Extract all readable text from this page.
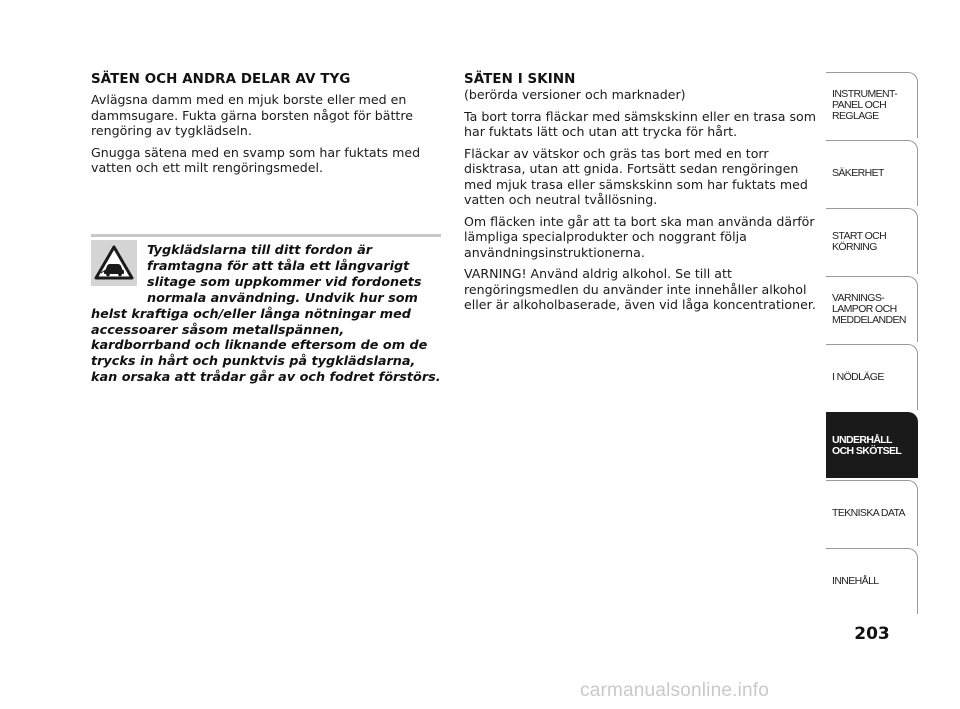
SÄTEN OCH ANDRA DELAR AV TYG

Avlägsna damm med en mjuk borste eller med en dammsugare. Fukta gärna borsten något för bättre rengöring av tygklädseln.

Gnugga sätena med en svamp som har fuktats med vatten och ett milt rengöringsmedel.

Tygklädslarna till ditt fordon är framtagna för att tåla ett långvarigt slitage som uppkommer vid fordonets normala användning. Undvik hur som helst kraftiga och/eller långa nötningar med accessoarer såsom metallspännen, kardborrband och liknande eftersom de om de trycks in hårt och punktvis på tygklädslarna, kan orsaka att trådar går av och fodret förstörs.
SÄTEN I SKINN

(berörda versioner och marknader)

Ta bort torra fläckar med sämskskinn eller en trasa som har fuktats lätt och utan att trycka för hårt.

Fläckar av vätskor och gräs tas bort med en torr disktrasa, utan att gnida. Fortsätt sedan rengöringen med mjuk trasa eller sämskskinn som har fuktats med vatten och neutral tvållösning.

Om fläcken inte går att ta bort ska man använda därför lämpliga specialprodukter och noggrant följa användningsinstruktionerna.

VARNING! Använd aldrig alkohol. Se till att rengöringsmedlen du använder inte innehåller alkohol eller är alkoholbaserade, även vid låga koncentrationer.

INSTRUMENT-
PANEL OCH
REGLAGE
SÄKERHET
START OCH
KÖRNING
VARNINGS-
LAMPOR OCH
MEDDELANDEN
I NÖDLÄGE
UNDERHÅLL
OCH SKÖTSEL
TEKNISKA DATA
INNEHÅLL
203
carmanualsonline.info
